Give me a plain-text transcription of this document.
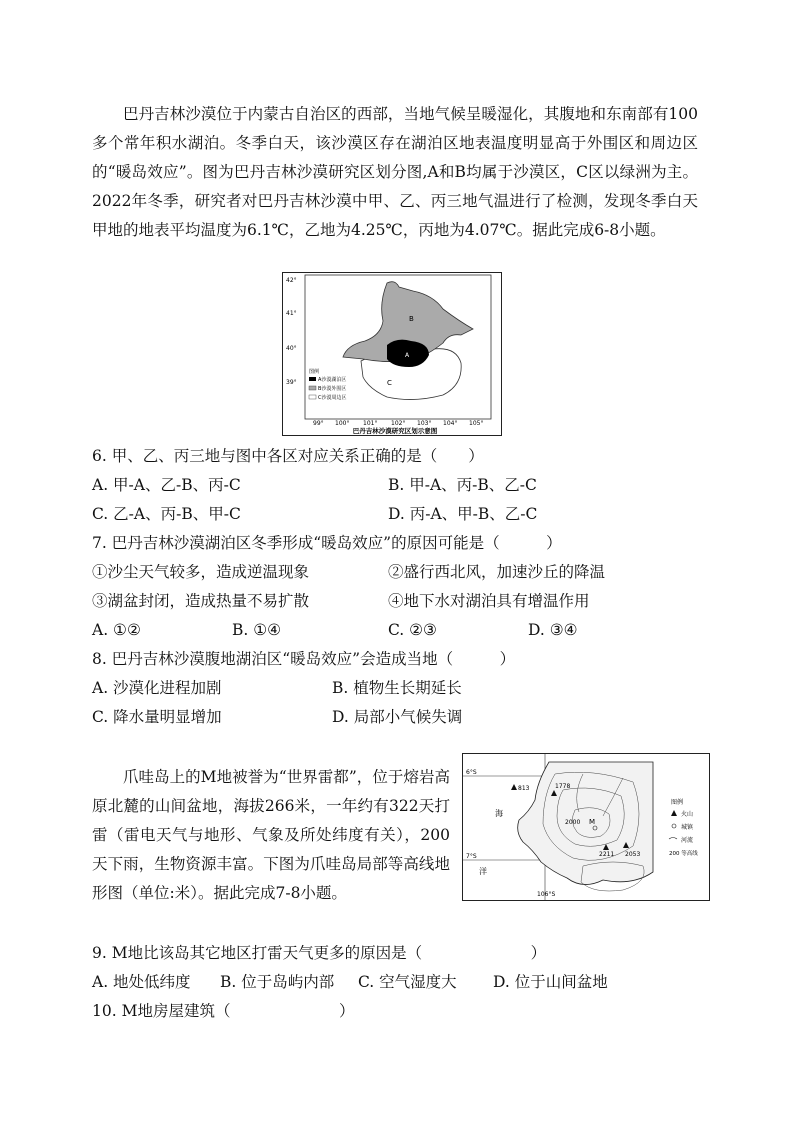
巴丹吉林沙漠位于内蒙古自治区的西部，当地气候呈暖湿化，其腹地和东南部有100多个常年积水湖泊。冬季白天，该沙漠区存在湖泊区地表温度明显高于外围区和周边区的“暖岛效应”。图为巴丹吉林沙漠研究区划分图,A和B均属于沙漠区，C区以绿洲为主。2022年冬季，研究者对巴丹吉林沙漠中甲、乙、丙三地气温进行了检测，发现冬季白天甲地的地表平均温度为6.1℃，乙地为4.25℃，丙地为4.07℃。据此完成6-8小题。
42°
41°
40°
39°
99° 100° 101° 102° 103° 104° 105°
B
A
C
图例
A沙漠湖泊区
B沙漠外围区
C沙漠周边区
巴丹吉林沙漠研究区划示意图
6. 甲、乙、丙三地与图中各区对应关系正确的是（　　）
A. 甲-A、乙-B、丙-C	B. 甲-A、丙-B、乙-C
C. 乙-A、丙-B、甲-C	D. 丙-A、甲-B、乙-C
7. 巴丹吉林沙漠湖泊区冬季形成“暖岛效应”的原因可能是（　　　）
①沙尘天气较多，造成逆温现象	②盛行西北风，加速沙丘的降温
③湖盆封闭，造成热量不易扩散	④地下水对湖泊具有增温作用
A. ①②	B. ①④	C. ②③	D. ③④
8. 巴丹吉林沙漠腹地湖泊区“暖岛效应”会造成当地（　　　）
A. 沙漠化进程加剧	B. 植物生长期延长
C. 降水量明显增加	D. 局部小气候失调
爪哇岛上的M地被誉为“世界雷都”，位于熔岩高原北麓的山间盆地，海拔266米，一年约有322天打雷（雷电天气与地形、气象及所处纬度有关），200天下雨，生物资源丰富。下图为爪哇岛局部等高线地形图（单位:米）。据此完成7-8小题。
6°S
7°S
106°S
海
洋
813	1778
2000 M
2211 2053
图例
火山
城镇
河流
200 等高线
9. M地比该岛其它地区打雷天气更多的原因是（　　　　　　　）
A. 地处低纬度 B. 位于岛屿内部 C. 空气湿度大 D. 位于山间盆地
10. M地房屋建筑（　　　　　　　）
